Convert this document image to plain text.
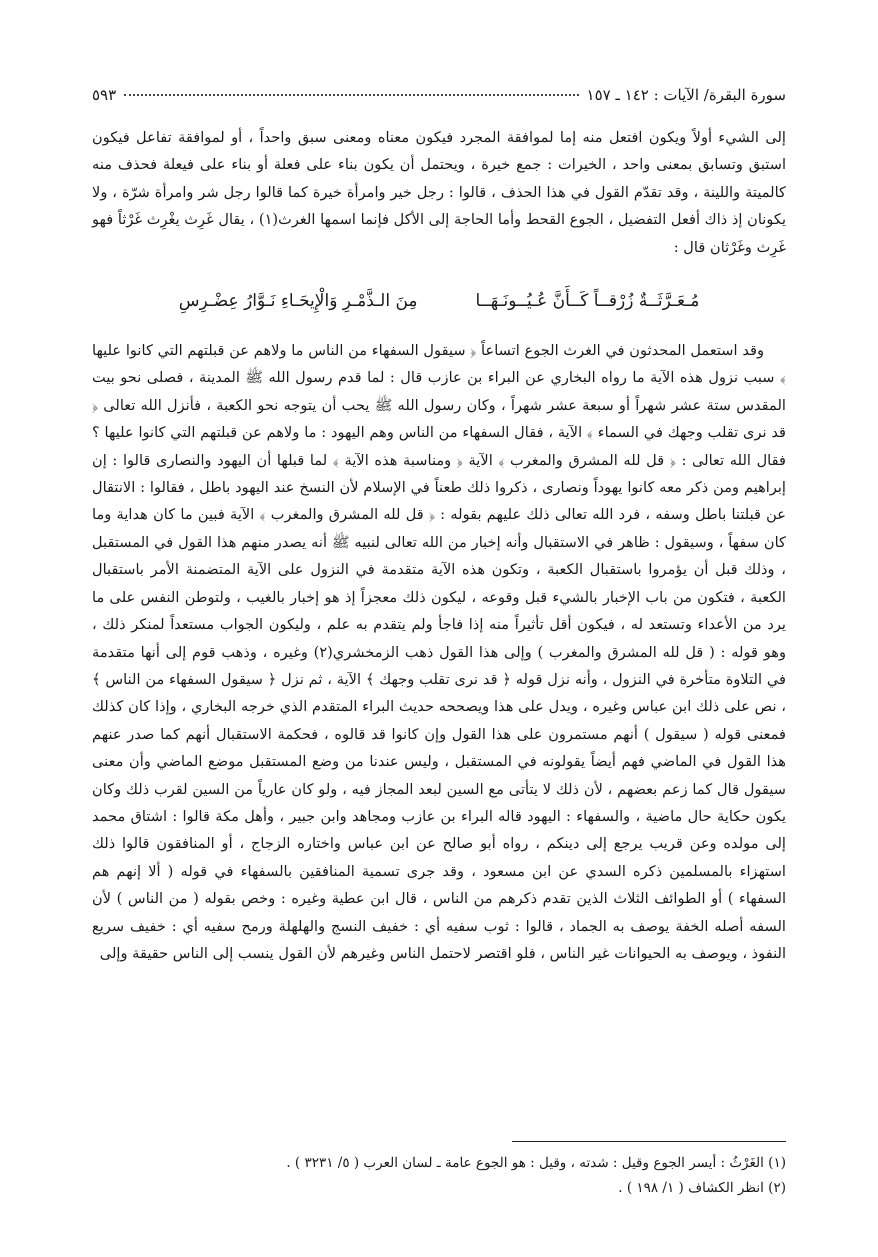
سورة البقرة/ الآيات : ١٤٢ ـ ١٥٧
٥٩٣

إلى الشيء أولاً ويكون افتعل منه إما لموافقة المجرد فيكون معناه ومعنى سبق واحداً ، أو لموافقة تفاعل فيكون استبق وتسابق بمعنى واحد ، الخيرات : جمع خيرة ، ويحتمل أن يكون بناء على فعلة أو بناء على فيعلة فحذف منه كالميتة واللينة ، وقد تقدّم القول في هذا الحذف ، قالوا : رجل خير وامرأة خيرة كما قالوا رجل شر وامرأة شرّة ، ولا يكونان إذ ذاك أفعل التفضيل ، الجوع القحط وأما الحاجة إلى الأكل فإنما اسمها الغرث(١) ، يقال غَرِث يغْرِث غَرْثاً فهو غَرِث وغَرْثان قال :

مُـعَـرَّثَــةٌ زُرْقــاً كَــأَنَّ عُـيُــونَـهَــا
مِنَ الـذَّمْـرِ وَالْإِيحَـاءِ نَـوَّارُ عِضْـرِسِ

وقد استعمل المحدثون في الغرث الجوع اتساعاً ﴿ سيقول السفهاء من الناس ما ولاهم عن قبلتهم التي كانوا عليها ﴾ سبب نزول هذه الآية ما رواه البخاري عن البراء بن عازب قال : لما قدم رسول الله ﷺ المدينة ، فصلى نحو بيت المقدس ستة عشر شهراً أو سبعة عشر شهراً ، وكان رسول الله ﷺ يحب أن يتوجه نحو الكعبة ، فأنزل الله تعالى ﴿ قد نرى تقلب وجهك في السماء ﴾ الآية ، فقال السفهاء من الناس وهم اليهود : ما ولاهم عن قبلتهم التي كانوا عليها ؟ فقال الله تعالى : ﴿ قل لله المشرق والمغرب ﴾ الآية ﴿ ومناسبة هذه الآية ﴾ لما قبلها أن اليهود والنصارى قالوا : إن إبراهيم ومن ذكر معه كانوا يهوداً ونصارى ، ذكروا ذلك طعناً في الإسلام لأن النسخ عند اليهود باطل ، فقالوا : الانتقال عن قبلتنا باطل وسفه ، فرد الله تعالى ذلك عليهم بقوله : ﴿ قل لله المشرق والمغرب ﴾ الآية فبين ما كان هداية وما كان سفهاً ، وسيقول : ظاهر في الاستقبال وأنه إخبار من الله تعالى لنبيه ﷺ أنه يصدر منهم هذا القول في المستقبل ، وذلك قبل أن يؤمروا باستقبال الكعبة ، وتكون هذه الآية متقدمة في النزول على الآية المتضمنة الأمر باستقبال الكعبة ، فتكون من باب الإخبار بالشيء قبل وقوعه ، ليكون ذلك معجزاً إذ هو إخبار بالغيب ، ولتوطن النفس على ما يرد من الأعداء وتستعد له ، فيكون أقل تأثيراً منه إذا فاجأ ولم يتقدم به علم ، وليكون الجواب مستعداً لمنكر ذلك ، وهو قوله : ( قل لله المشرق والمغرب ) وإلى هذا القول ذهب الزمخشري(٢) وغيره ، وذهب قوم إلى أنها متقدمة في التلاوة متأخرة في النزول ، وأنه نزل قوله ﴿ قد نرى تقلب وجهك ﴾ الآية ، ثم نزل ﴿ سيقول السفهاء من الناس ﴾ ، نص على ذلك ابن عباس وغيره ، ويدل على هذا ويصححه حديث البراء المتقدم الذي خرجه البخاري ، وإذا كان كذلك فمعنى قوله ( سيقول ) أنهم مستمرون على هذا القول وإن كانوا قد قالوه ، فحكمة الاستقبال أنهم كما صدر عنهم هذا القول في الماضي فهم أيضاً يقولونه في المستقبل ، وليس عندنا من وضع المستقبل موضع الماضي وأن معنى سيقول قال كما زعم بعضهم ، لأن ذلك لا يتأتى مع السين لبعد المجاز فيه ، ولو كان عارياً من السين لقرب ذلك وكان يكون حكاية حال ماضية ، والسفهاء : اليهود قاله البراء بن عازب ومجاهد وابن جبير ، وأهل مكة قالوا : اشتاق محمد إلى مولده وعن قريب يرجع إلى دينكم ، رواه أبو صالح عن ابن عباس واختاره الزجاج ، أو المنافقون قالوا ذلك استهزاء بالمسلمين ذكره السدي عن ابن مسعود ، وقد جرى تسمية المنافقين بالسفهاء في قوله ( ألا إنهم هم السفهاء ) أو الطوائف الثلاث الذين تقدم ذكرهم من الناس ، قال ابن عطية وغيره : وخص بقوله ( من الناس ) لأن السفه أصله الخفة يوصف به الجماد ، قالوا : ثوب سفيه أي : خفيف النسج والهلهلة ورمح سفيه أي : خفيف سريع النفوذ ، ويوصف به الحيوانات غير الناس ، فلو اقتصر لاحتمل الناس وغيرهم لأن القول ينسب إلى الناس حقيقة وإلى

(١) الغَرْثُ : أيسر الجوع وقيل : شدته ، وقيل : هو الجوع عامة ـ لسان العرب ( ٥/ ٣٢٣١ ) .

(٢) انظر الكشاف ( ١/ ١٩٨ ) .
